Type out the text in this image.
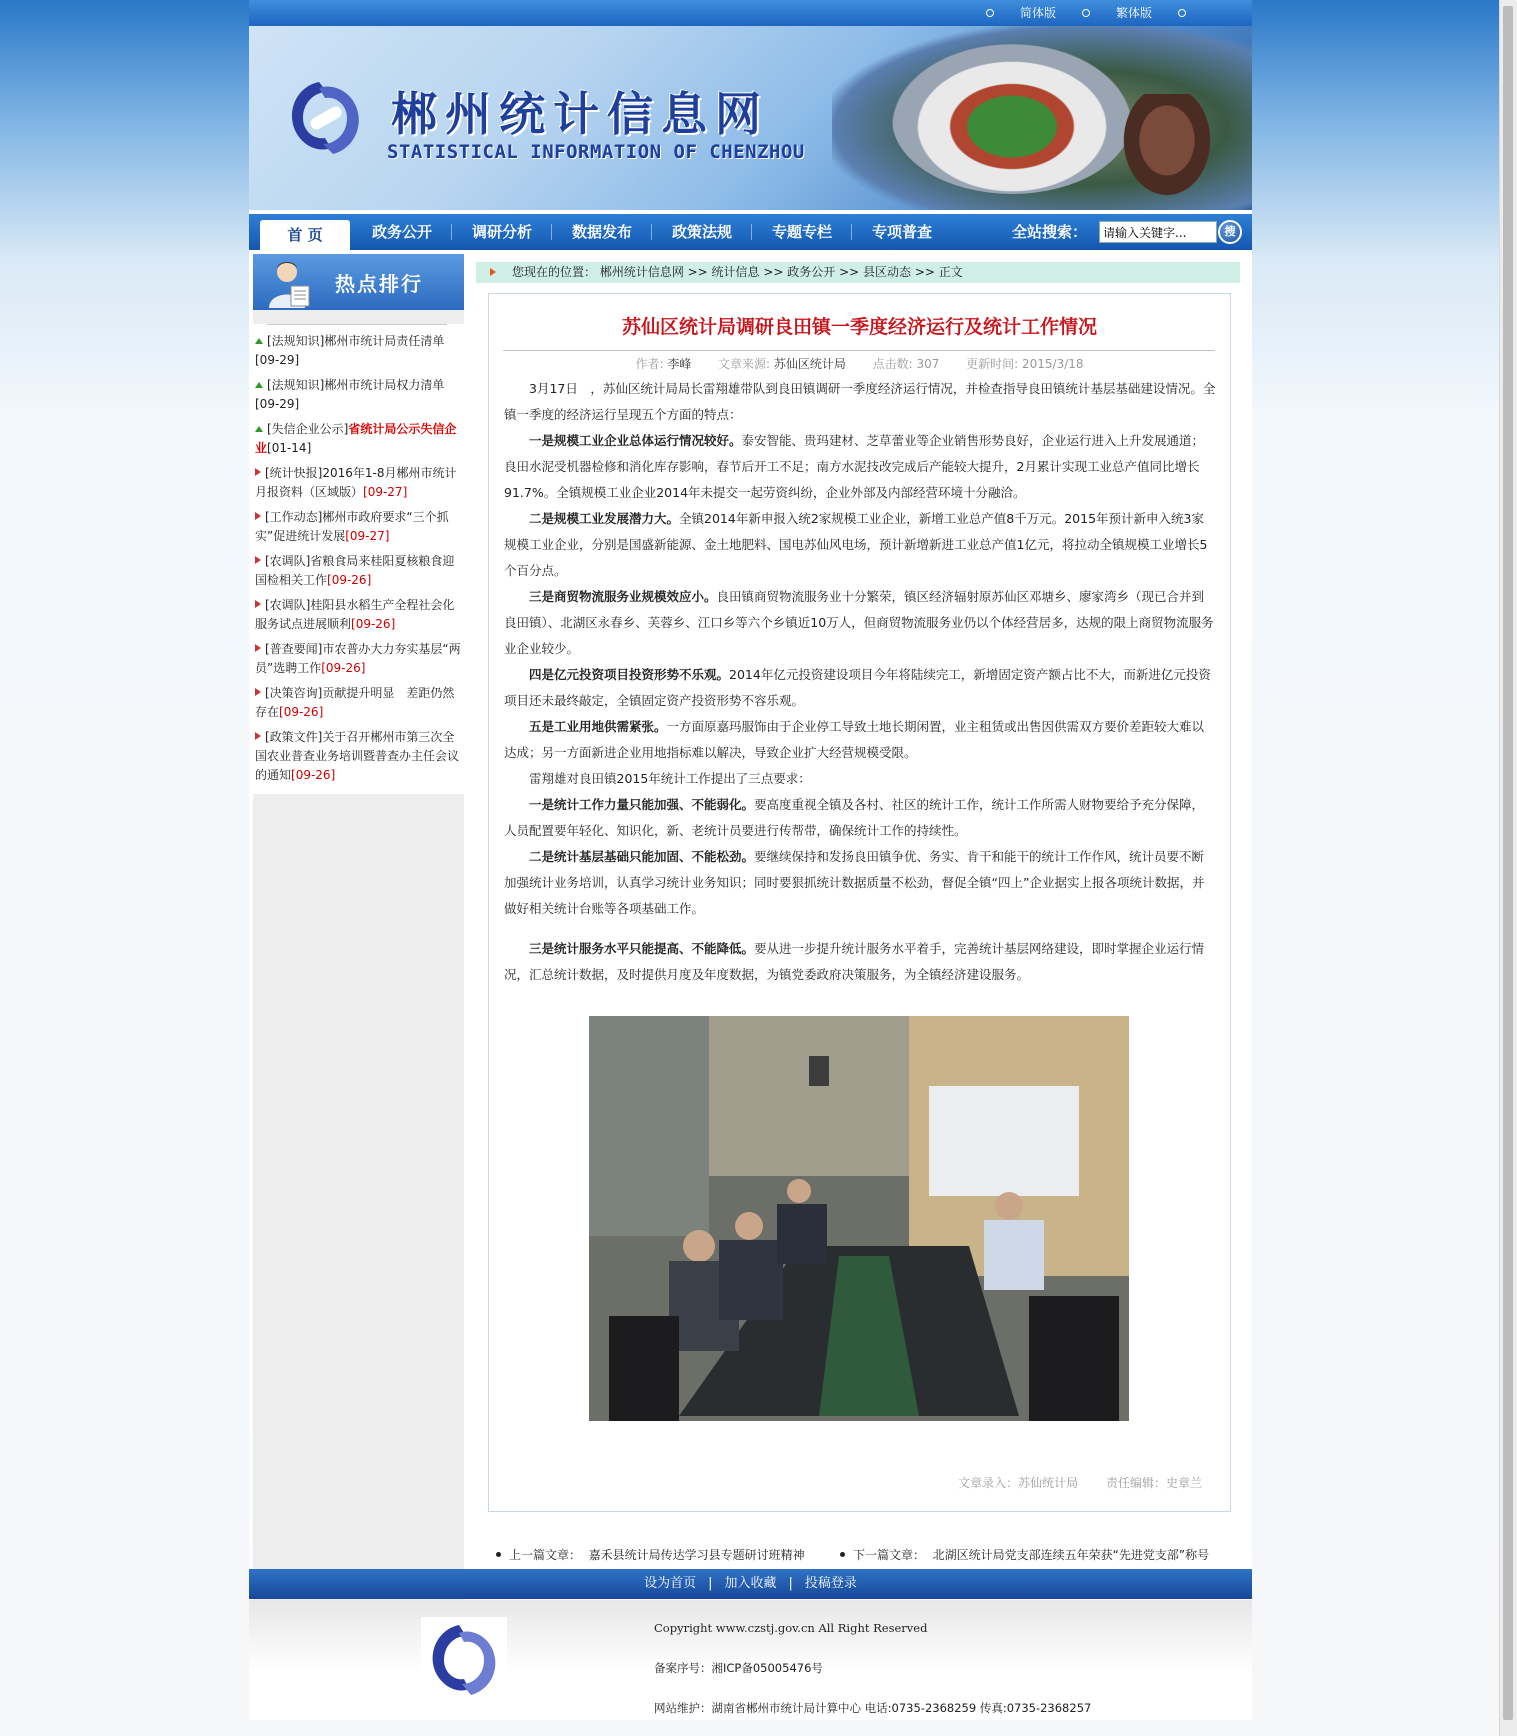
简体版	繁体版
郴州统计信息网
STATISTICAL INFORMATION OF CHENZHOU
首 页	政务公开	调研分析	数据发布	政策法规	专题专栏	专项普查	全站搜索：
请输入关键字...	搜
热点排行
[法规知识]郴州市统计局责任清单
[09-29]
[法规知识]郴州市统计局权力清单
[09-29]
[失信企业公示]省统计局公示失信企业[01-14]
[统计快报]2016年1-8月郴州市统计月报资料（区域版）[09-27]
[工作动态]郴州市政府要求“三个抓实”促进统计发展[09-27]
[农调队]省粮食局来桂阳夏核粮食迎国检相关工作[09-26]
[农调队]桂阳县水稻生产全程社会化服务试点进展顺利[09-26]
[普查要闻]市农普办大力夯实基层“两员”选聘工作[09-26]
[决策咨询]贡献提升明显　差距仍然存在[09-26]
[政策文件]关于召开郴州市第三次全国农业普查业务培训暨普查办主任会议的通知[09-26]
您现在的位置： 郴州统计信息网 >> 统计信息 >> 政务公开 >> 县区动态 >> 正文
苏仙区统计局调研良田镇一季度经济运行及统计工作情况
作者: 李峰 文章来源: 苏仙区统计局 点击数: 307 更新时间: 2015/3/18

3月17日　，苏仙区统计局局长雷翔雄带队到良田镇调研一季度经济运行情况，并检查指导良田镇统计基层基础建设情况。全镇一季度的经济运行呈现五个方面的特点：

一是规模工业企业总体运行情况较好。泰安智能、贵玛建材、芝草蕾业等企业销售形势良好，企业运行进入上升发展通道；良田水泥受机器检修和消化库存影响，春节后开工不足；南方水泥技改完成后产能较大提升，2月累计实现工业总产值同比增长91.7%。全镇规模工业企业2014年未提交一起劳资纠纷，企业外部及内部经营环境十分融洽。

二是规模工业发展潜力大。全镇2014年新申报入统2家规模工业企业，新增工业总产值8千万元。2015年预计新申入统3家规模工业企业，分别是国盛新能源、金土地肥料、国电苏仙风电场，预计新增新进工业总产值1亿元，将拉动全镇规模工业增长5个百分点。

三是商贸物流服务业规模效应小。良田镇商贸物流服务业十分繁荣，镇区经济辐射原苏仙区邓塘乡、廖家湾乡（现已合并到良田镇）、北湖区永春乡、芙蓉乡、江口乡等六个乡镇近10万人，但商贸物流服务业仍以个体经营居多，达规的限上商贸物流服务业企业较少。

四是亿元投资项目投资形势不乐观。2014年亿元投资建设项目今年将陆续完工，新增固定资产额占比不大，而新进亿元投资项目还未最终敲定，全镇固定资产投资形势不容乐观。

五是工业用地供需紧张。一方面原嘉玛服饰由于企业停工导致土地长期闲置，业主租赁或出售因供需双方要价差距较大难以达成；另一方面新进企业用地指标难以解决，导致企业扩大经营规模受限。

雷翔雄对良田镇2015年统计工作提出了三点要求：

一是统计工作力量只能加强、不能弱化。要高度重视全镇及各村、社区的统计工作，统计工作所需人财物要给予充分保障，人员配置要年轻化、知识化，新、老统计员要进行传帮带，确保统计工作的持续性。

二是统计基层基础只能加固、不能松劲。要继续保持和发扬良田镇争优、务实、肯干和能干的统计工作作风，统计员要不断加强统计业务培训，认真学习统计业务知识；同时要狠抓统计数据质量不松劲，督促全镇“四上”企业据实上报各项统计数据，并做好相关统计台账等各项基础工作。

三是统计服务水平只能提高、不能降低。要从进一步提升统计服务水平着手，完善统计基层网络建设，即时掌握企业运行情况，汇总统计数据，及时提供月度及年度数据，为镇党委政府决策服务，为全镇经济建设服务。

文章录入：苏仙统计局 责任编辑：史章兰
上一篇文章： 嘉禾县统计局传达学习县专题研讨班精神	下一篇文章： 北湖区统计局党支部连续五年荣获“先进党支部”称号
设为首页 | 加入收藏 | 投稿登录
Copyright www.czstj.gov.cn All Right Reserved
备案序号：湘ICP备05005476号
网站维护：湖南省郴州市统计局计算中心 电话:0735-2368259 传真:0735-2368257
